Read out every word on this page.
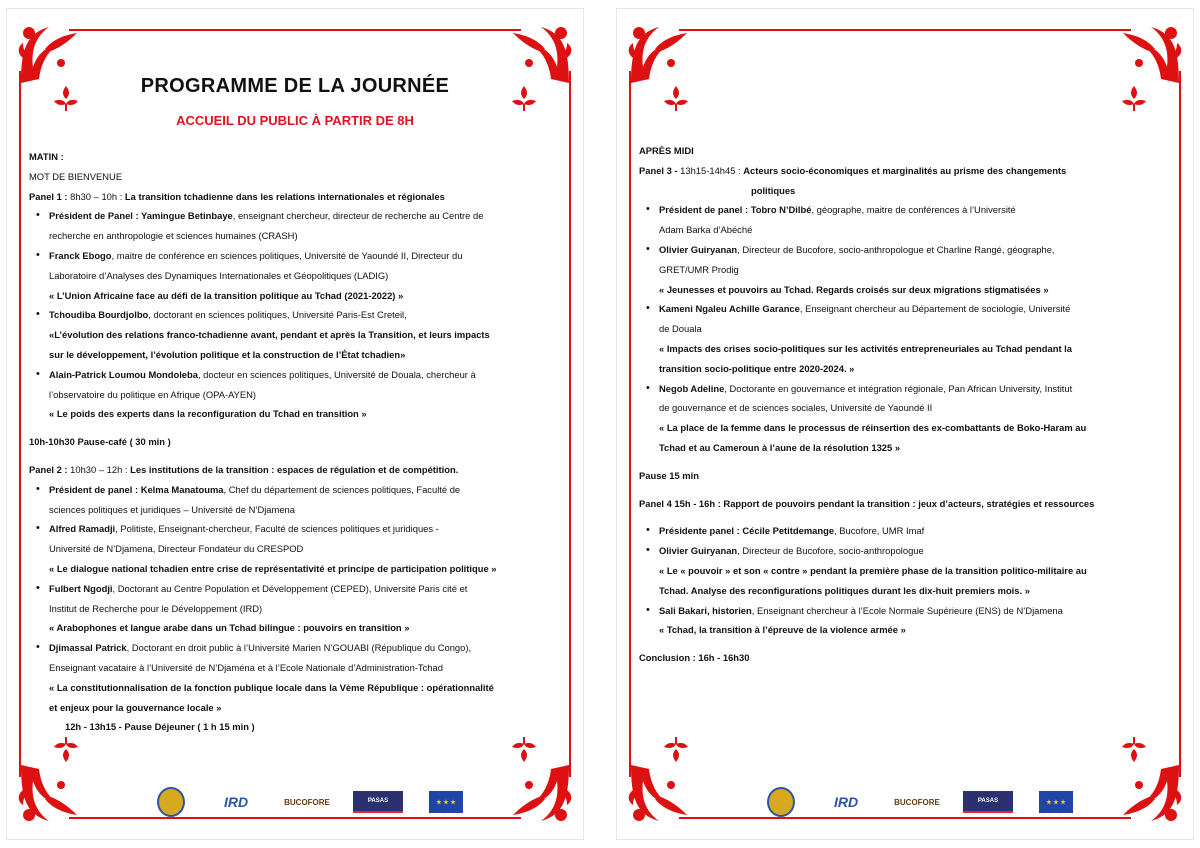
PROGRAMME DE LA JOURNÉE
ACCUEIL DU PUBLIC À PARTIR DE 8H
MATIN :
MOT DE BIENVENUE
Panel 1 : 8h30 – 10h : La transition tchadienne dans les relations internationales et régionales
• Président de Panel : Yamingue Betinbaye, enseignant chercheur, directeur de recherche au Centre de
recherche en anthropologie et sciences humaines (CRASH)
• Franck Ebogo, maitre de conférence en sciences politiques, Université de Yaoundé II, Directeur du
Laboratoire d’Analyses des Dynamiques Internationales et Géopolitiques (LADIG)
« L’Union Africaine face au défi de la transition politique au Tchad (2021-2022) »
• Tchoudiba Bourdjolbo, doctorant en sciences politiques, Université Paris-Est Creteil,
«L’évolution des relations franco-tchadienne avant, pendant et après la Transition, et leurs impacts
sur le développement, l’évolution politique et la construction de l’État tchadien»
• Alain-Patrick Loumou Mondoleba, docteur en sciences politiques, Université de Douala, chercheur à
l’observatoire du politique en Afrique (OPA-AYEN)
« Le poids des experts dans la reconfiguration du Tchad en transition »
10h-10h30 Pause-café ( 30 min )
Panel 2 : 10h30 – 12h : Les institutions de la transition : espaces de régulation et de compétition.
• Président de panel : Kelma Manatouma, Chef du département de sciences politiques, Faculté de
sciences politiques et juridiques – Université de N’Djamena
• Alfred Ramadji, Politiste, Enseignant-chercheur, Faculté de sciences politiques et juridiques -
Université de N’Djamena, Directeur Fondateur du CRESPOD
« Le dialogue national tchadien entre crise de représentativité et principe de participation politique »
• Fulbert Ngodji, Doctorant au Centre Population et Développement (CEPED), Université Paris cité et
Institut de Recherche pour le Développement (IRD)
« Arabophones et langue arabe dans un Tchad bilingue : pouvoirs en transition »
• Djimassal Patrick, Doctorant en droit public à l’Université Marien N’GOUABI (République du Congo),
Enseignant vacataire à l’Université de N’Djaména et à l’Ecole Nationale d’Administration-Tchad
« La constitutionnalisation de la fonction publique locale dans la Vème République : opérationnalité
et enjeux pour la gouvernance locale »
12h - 13h15 - Pause Déjeuner ( 1 h 15 min )
IRD	BUCOFORE	PASAS	★ ★ ★
APRÈS MIDI
Panel 3 - 13h15-14h45 : Acteurs socio-économiques et marginalités au prisme des changements
politiques
• Président de panel : Tobro N’Dilbé, géographe, maitre de conférences à l’Université
Adam Barka d’Abéché
• Olivier Guiryanan, Directeur de Bucofore, socio-anthropologue et Charline Rangé, géographe,
GRET/UMR Prodig
« Jeunesses et pouvoirs au Tchad. Regards croisés sur deux migrations stigmatisées »
• Kameni Ngaleu Achille Garance, Enseignant chercheur au Département de sociologie, Université
de Douala
« Impacts des crises socio-politiques sur les activités entrepreneuriales au Tchad pendant la
transition socio-politique entre 2020-2024. »
• Negob Adeline, Doctorante en gouvernance et intégration régionale, Pan African University, Institut
de gouvernance et de sciences sociales, Université de Yaoundé II
« La place de la femme dans le processus de réinsertion des ex-combattants de Boko-Haram au
Tchad et au Cameroun à l’aune de la résolution 1325 »
Pause 15 min
Panel 4 15h - 16h : Rapport de pouvoirs pendant la transition : jeux d’acteurs, stratégies et ressources
• Présidente panel : Cécile Petitdemange, Bucofore, UMR Imaf
• Olivier Guiryanan, Directeur de Bucofore, socio-anthropologue
« Le « pouvoir » et son « contre » pendant la première phase de la transition politico-militaire au
Tchad. Analyse des reconfigurations politiques durant les dix-huit premiers mois. »
• Sali Bakari, historien, Enseignant chercheur à l’Ecole Normale Supérieure (ENS) de N’Djamena
« Tchad, la transition à l’épreuve de la violence armée »
Conclusion : 16h - 16h30
IRD	BUCOFORE	PASAS	★ ★ ★
